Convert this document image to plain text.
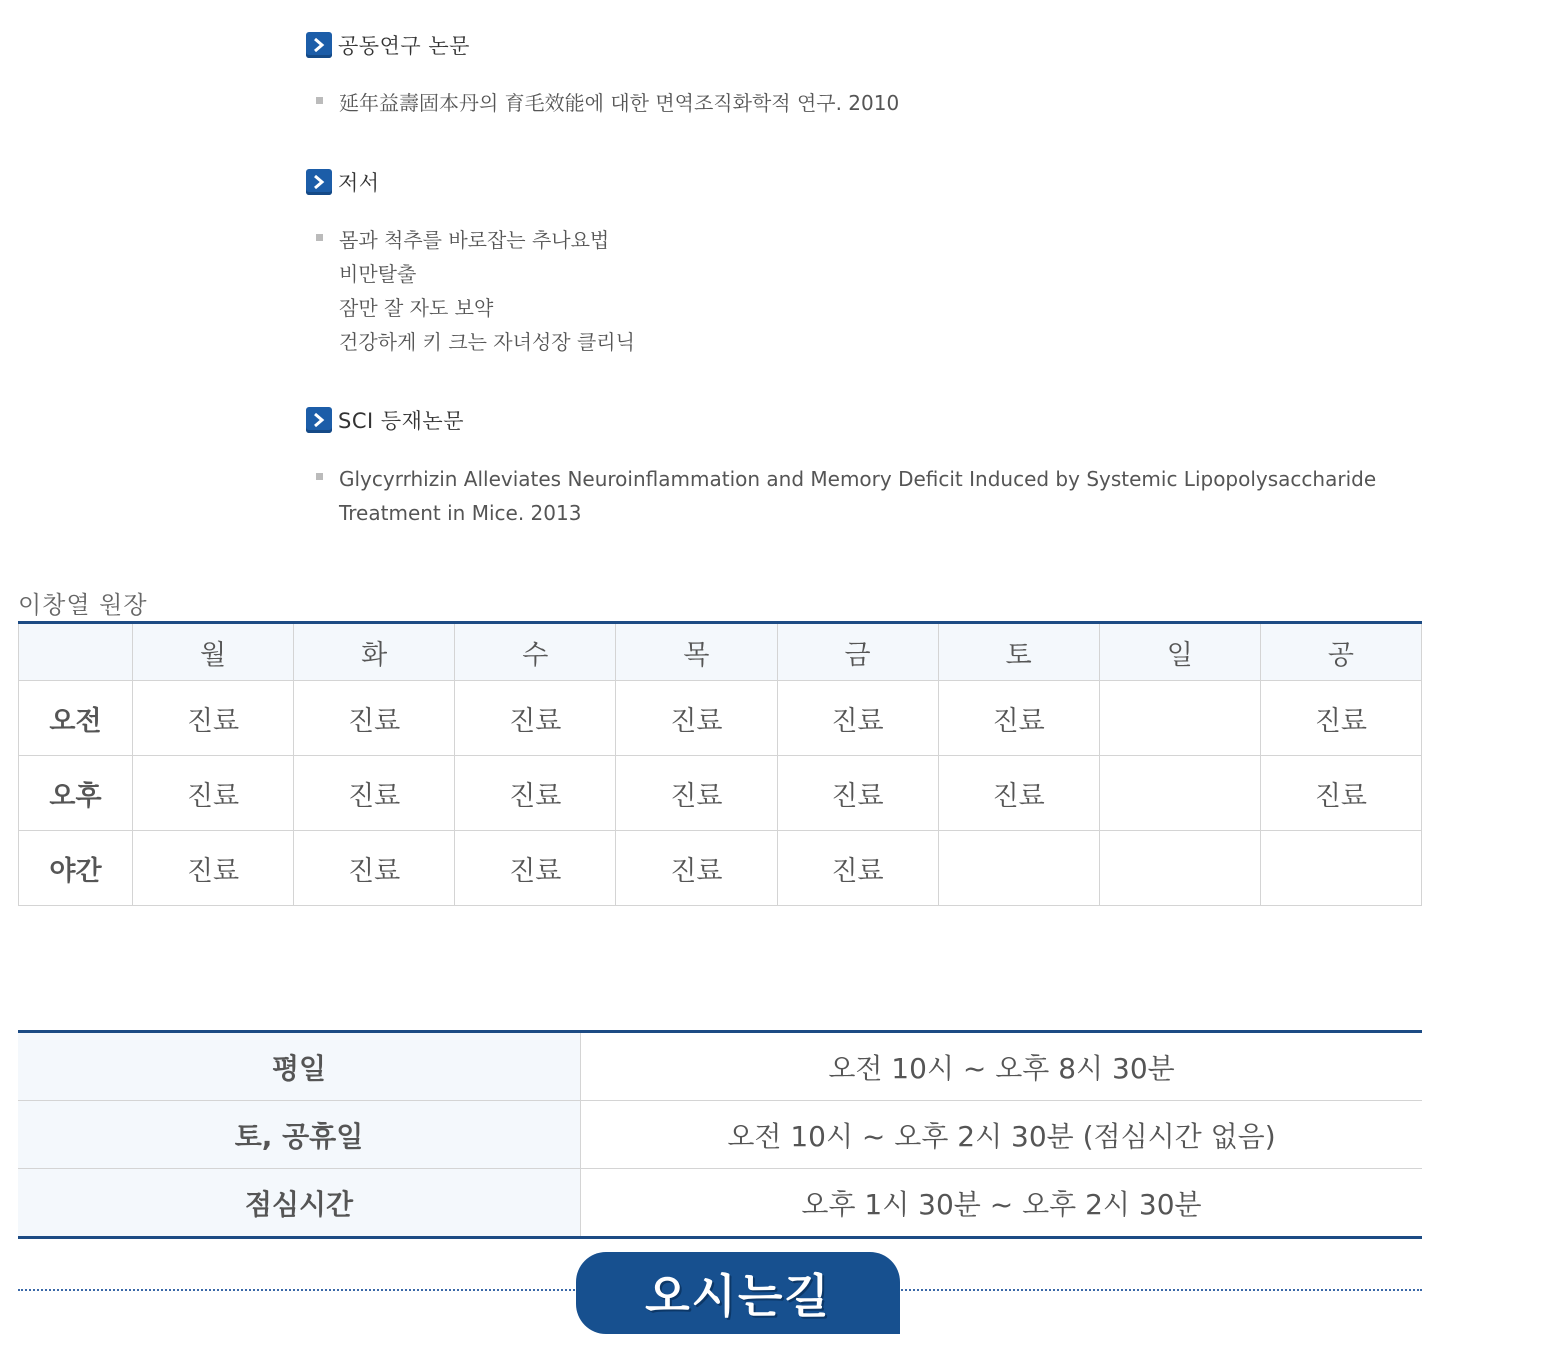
공동연구 논문

延年益壽固本丹의 育毛效能에 대한 면역조직화학적 연구. 2010

저서

몸과 척추를 바로잡는 추나요법

비만탈출

잠만 잘 자도 보약

건강하게 키 크는 자녀성장 클리닉

SCI 등재논문

Glycyrrhizin Alleviates Neuroinflammation and Memory Deficit Induced by Systemic Lipopolysaccharide Treatment in Mice. 2013

이창열 원장
	월	화	수	목	금	토	일	공
오전	진료	진료	진료	진료	진료	진료		진료
오후	진료	진료	진료	진료	진료	진료		진료
야간	진료	진료	진료	진료	진료			
평일	오전 10시 ~ 오후 8시 30분
토, 공휴일	오전 10시 ~ 오후 2시 30분 (점심시간 없음)
점심시간	오후 1시 30분 ~ 오후 2시 30분
오시는길
